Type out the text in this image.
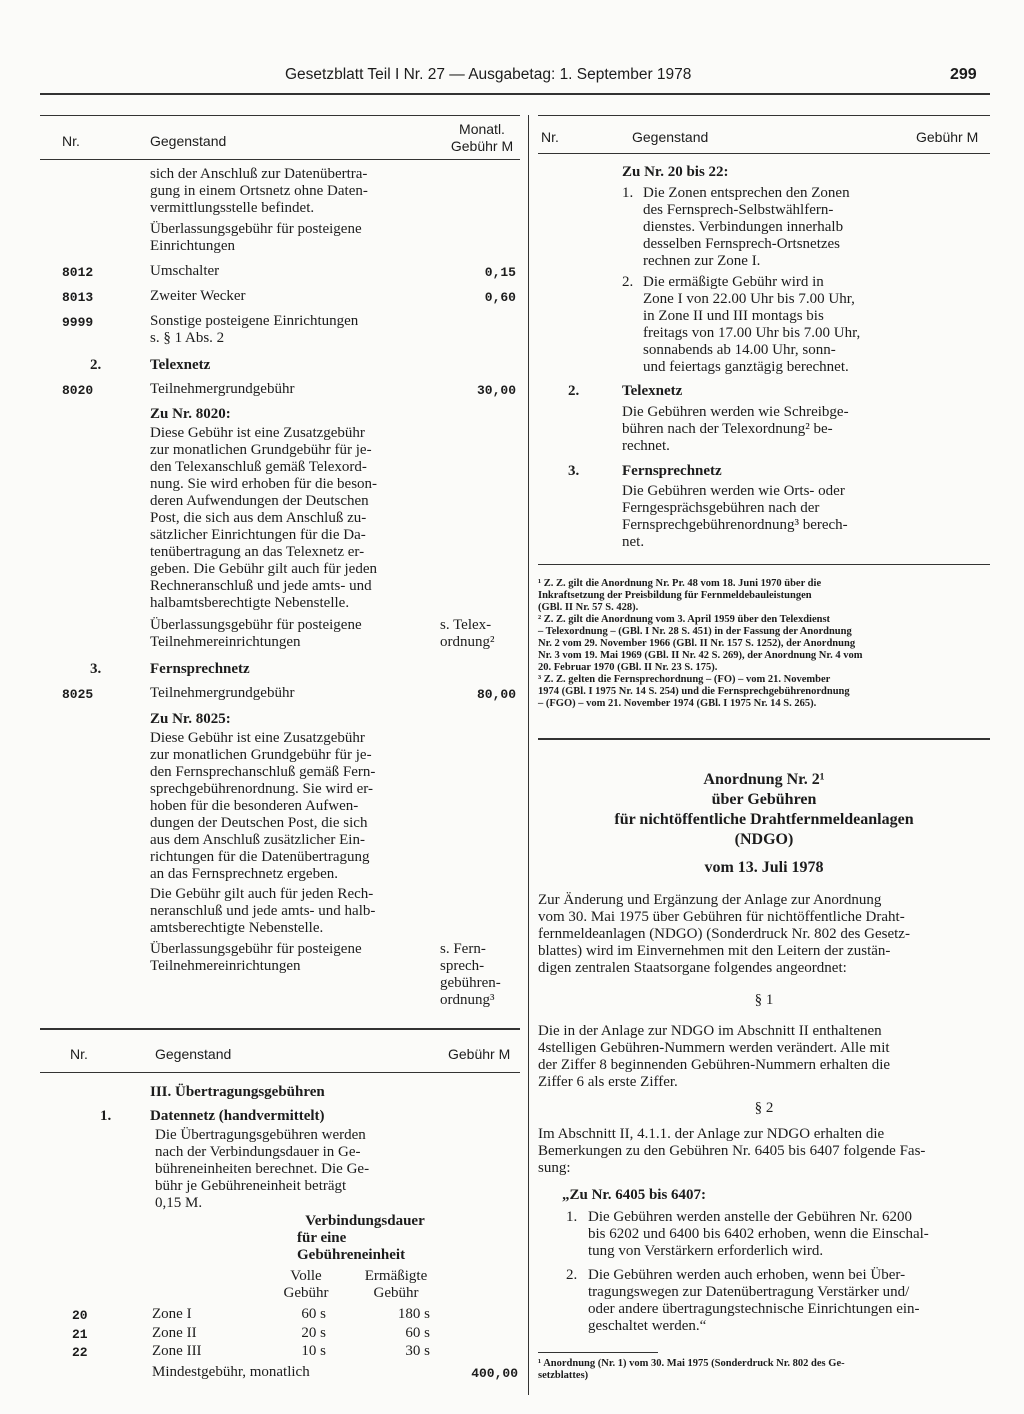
Gesetzblatt Teil I Nr. 27 — Ausgabetag: 1. September 1978	299
Nr.	Gegenstand
Monatl.
Gebühr M
sich der Anschluß zur Datenübertra-
gung in einem Ortsnetz ohne Daten-
vermittlungsstelle befindet.
Überlassungsgebühr für posteigene
Einrichtungen
8012	Umschalter	0,15
8013	Zweiter Wecker	0,60
9999	Sonstige posteigene Einrichtungen
s. § 1 Abs. 2
2.	Telexnetz
8020	Teilnehmergrundgebühr	30,00
Zu Nr. 8020:
Diese Gebühr ist eine Zusatzgebühr
zur monatlichen Grundgebühr für je-
den Telexanschluß gemäß Telexord-
nung. Sie wird erhoben für die beson-
deren Aufwendungen der Deutschen
Post, die sich aus dem Anschluß zu-
sätzlicher Einrichtungen für die Da-
tenübertragung an das Telexnetz er-
geben. Die Gebühr gilt auch für jeden
Rechneranschluß und jede amts- und
halbamtsberechtigte Nebenstelle.
Überlassungsgebühr für posteigene
Teilnehmereinrichtungen
s. Telex-
ordnung²
3.	Fernsprechnetz
8025	Teilnehmergrundgebühr	80,00
Zu Nr. 8025:
Diese Gebühr ist eine Zusatzgebühr
zur monatlichen Grundgebühr für je-
den Fernsprechanschluß gemäß Fern-
sprechgebührenordnung. Sie wird er-
hoben für die besonderen Aufwen-
dungen der Deutschen Post, die sich
aus dem Anschluß zusätzlicher Ein-
richtungen für die Datenübertragung
an das Fernsprechnetz ergeben.
Die Gebühr gilt auch für jeden Rech-
neranschluß und jede amts- und halb-
amtsberechtigte Nebenstelle.
Überlassungsgebühr für posteigene
Teilnehmereinrichtungen
s. Fern-
sprech-
gebühren-
ordnung³
Nr.	Gegenstand	Gebühr M
III. Übertragungsgebühren
1.	Datennetz (handvermittelt)
Die Übertragungsgebühren werden
nach der Verbindungsdauer in Ge-
bühreneinheiten berechnet. Die Ge-
bühr je Gebühreneinheit beträgt
0,15 M.
Verbindungsdauer
für eine
Gebühreneinheit
Volle
Gebühr
Ermäßigte
Gebühr
20	Zone I	60 s	180 s
21	Zone II	20 s	60 s
22	Zone III	10 s	30 s
Mindestgebühr, monatlich	400,00
Nr.	Gegenstand	Gebühr M
Zu Nr. 20 bis 22:
1. Die Zonen entsprechen den Zonen
des Fernsprech-Selbstwählfern-
dienstes. Verbindungen innerhalb
desselben Fernsprech-Ortsnetzes
rechnen zur Zone I.
2. Die ermäßigte Gebühr wird in
Zone I von 22.00 Uhr bis 7.00 Uhr,
in Zone II und III montags bis
freitags von 17.00 Uhr bis 7.00 Uhr,
sonnabends ab 14.00 Uhr, sonn-
und feiertags ganztägig berechnet.
2.	Telexnetz
Die Gebühren werden wie Schreibge-
bühren nach der Telexordnung² be-
rechnet.
3.	Fernsprechnetz
Die Gebühren werden wie Orts- oder
Ferngesprächsgebühren nach der
Fernsprechgebührenordnung³ berech-
net.
¹ Z. Z. gilt die Anordnung Nr. Pr. 48 vom 18. Juni 1970 über die
Inkraftsetzung der Preisbildung für Fernmeldebauleistungen
(GBl. II Nr. 57 S. 428).
² Z. Z. gilt die Anordnung vom 3. April 1959 über den Telexdienst
– Telexordnung – (GBl. I Nr. 28 S. 451) in der Fassung der Anordnung
Nr. 2 vom 29. November 1966 (GBl. II Nr. 157 S. 1252), der Anordnung
Nr. 3 vom 19. Mai 1969 (GBl. II Nr. 42 S. 269), der Anordnung Nr. 4 vom
20. Februar 1970 (GBl. II Nr. 23 S. 175).
³ Z. Z. gelten die Fernsprechordnung – (FO) – vom 21. November
1974 (GBl. I 1975 Nr. 14 S. 254) und die Fernsprechgebührenordnung
– (FGO) – vom 21. November 1974 (GBl. I 1975 Nr. 14 S. 265).
Anordnung Nr. 2¹
über Gebühren
für nichtöffentliche Drahtfernmeldeanlagen
(NDGO)
vom 13. Juli 1978
Zur Änderung und Ergänzung der Anlage zur Anordnung
vom 30. Mai 1975 über Gebühren für nichtöffentliche Draht-
fernmeldeanlagen (NDGO) (Sonderdruck Nr. 802 des Gesetz-
blattes) wird im Einvernehmen mit den Leitern der zustän-
digen zentralen Staatsorgane folgendes angeordnet:
§ 1
Die in der Anlage zur NDGO im Abschnitt II enthaltenen
4stelligen Gebühren-Nummern werden verändert. Alle mit
der Ziffer 8 beginnenden Gebühren-Nummern erhalten die
Ziffer 6 als erste Ziffer.
§ 2
Im Abschnitt II, 4.1.1. der Anlage zur NDGO erhalten die
Bemerkungen zu den Gebühren Nr. 6405 bis 6407 folgende Fas-
sung:
„Zu Nr. 6405 bis 6407:
1. Die Gebühren werden anstelle der Gebühren Nr. 6200
bis 6202 und 6400 bis 6402 erhoben, wenn die Einschal-
tung von Verstärkern erforderlich wird.
2. Die Gebühren werden auch erhoben, wenn bei Über-
tragungswegen zur Datenübertragung Verstärker und/
oder andere übertragungstechnische Einrichtungen ein-
geschaltet werden.“
¹ Anordnung (Nr. 1) vom 30. Mai 1975 (Sonderdruck Nr. 802 des Ge-
setzblattes)
